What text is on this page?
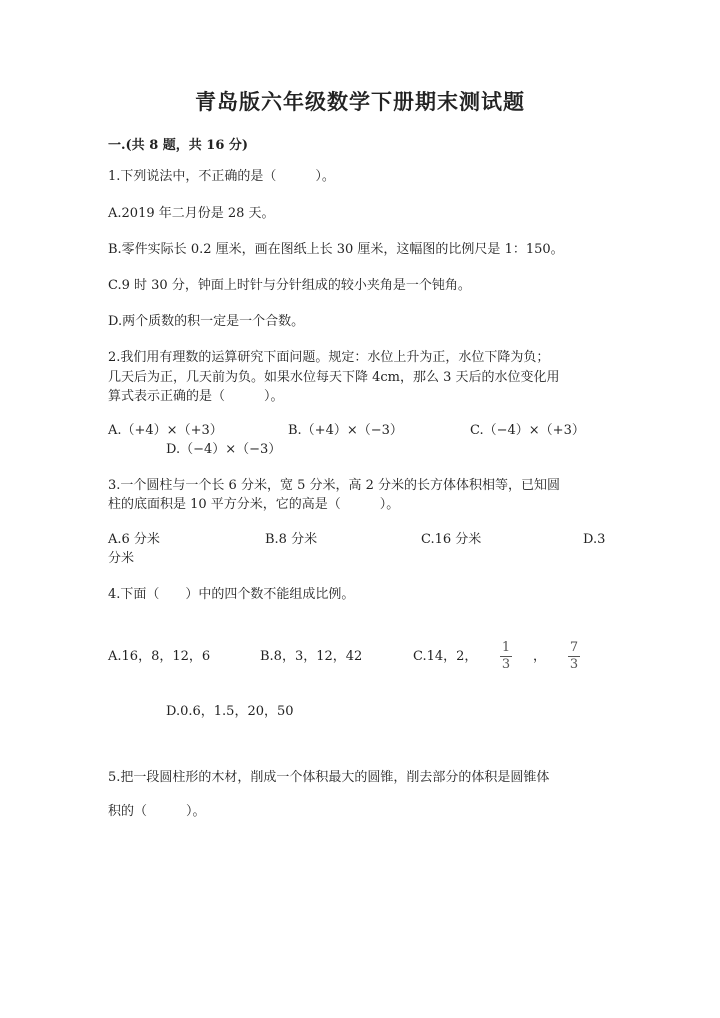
青岛版六年级数学下册期末测试题
一.(共 8 题，共 16 分)
1.下列说法中，不正确的是（　　　）。
A.2019 年二月份是 28 天。
B.零件实际长 0.2 厘米，画在图纸上长 30 厘米，这幅图的比例尺是 1：150。
C.9 时 30 分，钟面上时针与分针组成的较小夹角是一个钝角。
D.两个质数的积一定是一个合数。
2.我们用有理数的运算研究下面问题。规定：水位上升为正，水位下降为负；
几天后为正，几天前为负。如果水位每天下降 4cm，那么 3 天后的水位变化用
算式表示正确的是（　　　）。
A.（+4）×（+3）	B.（+4）×（−3）	C.（−4）×（+3）
D.（−4）×（−3）
3.一个圆柱与一个长 6 分米，宽 5 分米，高 2 分米的长方体体积相等，已知圆
柱的底面积是 10 平方分米，它的高是（　　　）。
A.6 分米	B.8 分米	C.16 分米	D.3
分米
4.下面（　　）中的四个数不能组成比例。
A.16，8，12，6	B.8，3，12，42	C.14，2，
1
3
，
7
3
D.0.6，1.5，20，50
5.把一段圆柱形的木材，削成一个体积最大的圆锥，削去部分的体积是圆锥体
积的（　　　）。
